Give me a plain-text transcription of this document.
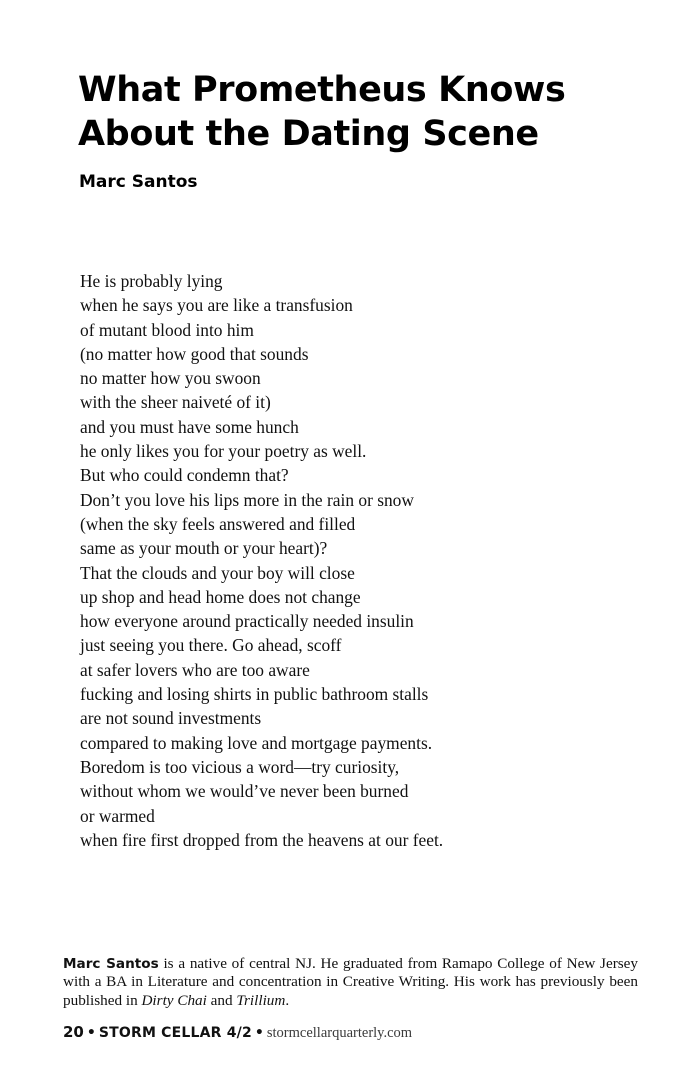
What Prometheus Knows
About the Dating Scene
Marc Santos
He is probably lying
when he says you are like a transfusion
of mutant blood into him
(no matter how good that sounds
no matter how you swoon
with the sheer naiveté of it)
and you must have some hunch
he only likes you for your poetry as well.
But who could condemn that?
Don’t you love his lips more in the rain or snow
(when the sky feels answered and filled
same as your mouth or your heart)?
That the clouds and your boy will close
up shop and head home does not change
how everyone around practically needed insulin
just seeing you there. Go ahead, scoff
at safer lovers who are too aware
fucking and losing shirts in public bathroom stalls
are not sound investments
compared to making love and mortgage payments.
Boredom is too vicious a word—try curiosity,
without whom we would’ve never been burned
or warmed
when fire first dropped from the heavens at our feet.
Marc Santos is a native of central NJ. He graduated from Ramapo College of New Jersey with a BA in Literature and concentration in Creative Writing. His work has previously been published in Dirty Chai and Trillium.
20 • STORM CELLAR 4/2 • stormcellarquarterly.com
